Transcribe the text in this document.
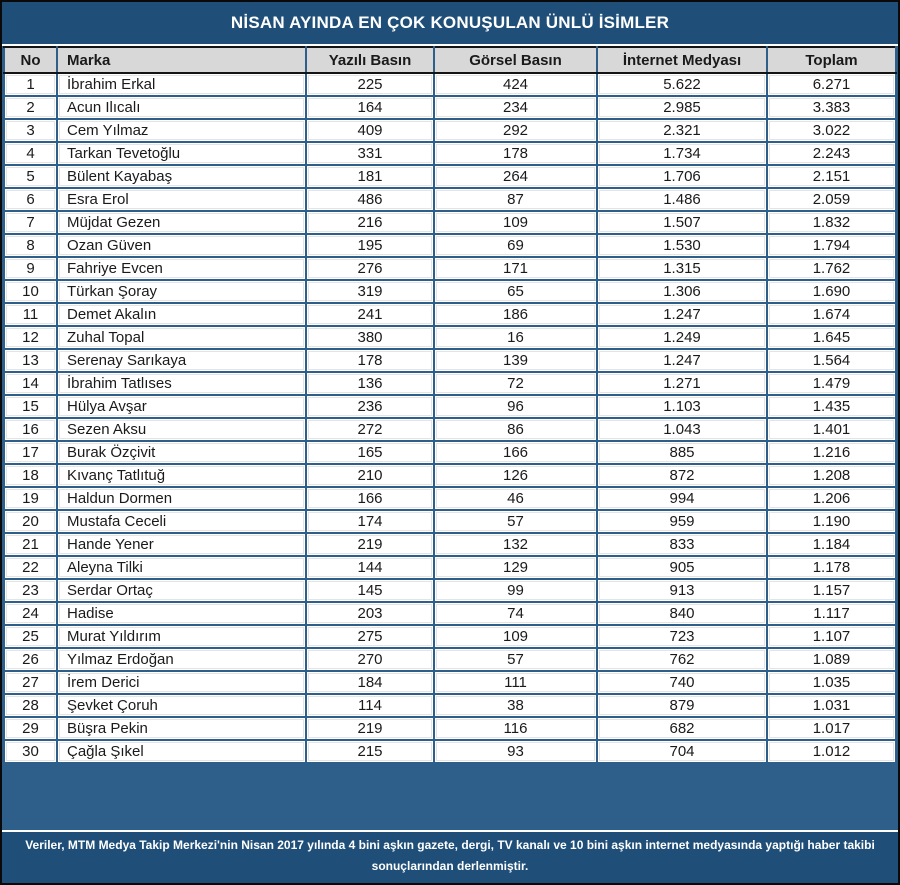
NİSAN AYINDA EN ÇOK KONUŞULAN ÜNLÜ İSİMLER
No	Marka	Yazılı Basın	Görsel Basın	İnternet Medyası	Toplam
1	İbrahim Erkal	225	424	5.622	6.271
2	Acun Ilıcalı	164	234	2.985	3.383
3	Cem Yılmaz	409	292	2.321	3.022
4	Tarkan Tevetoğlu	331	178	1.734	2.243
5	Bülent Kayabaş	181	264	1.706	2.151
6	Esra Erol	486	87	1.486	2.059
7	Müjdat Gezen	216	109	1.507	1.832
8	Ozan Güven	195	69	1.530	1.794
9	Fahriye Evcen	276	171	1.315	1.762
10	Türkan Şoray	319	65	1.306	1.690
11	Demet Akalın	241	186	1.247	1.674
12	Zuhal Topal	380	16	1.249	1.645
13	Serenay Sarıkaya	178	139	1.247	1.564
14	İbrahim Tatlıses	136	72	1.271	1.479
15	Hülya Avşar	236	96	1.103	1.435
16	Sezen Aksu	272	86	1.043	1.401
17	Burak Özçivit	165	166	885	1.216
18	Kıvanç Tatlıtuğ	210	126	872	1.208
19	Haldun Dormen	166	46	994	1.206
20	Mustafa Ceceli	174	57	959	1.190
21	Hande Yener	219	132	833	1.184
22	Aleyna Tilki	144	129	905	1.178
23	Serdar Ortaç	145	99	913	1.157
24	Hadise	203	74	840	1.117
25	Murat Yıldırım	275	109	723	1.107
26	Yılmaz Erdoğan	270	57	762	1.089
27	İrem Derici	184	111	740	1.035
28	Şevket Çoruh	114	38	879	1.031
29	Büşra Pekin	219	116	682	1.017
30	Çağla Şıkel	215	93	704	1.012

Veriler, MTM Medya Takip Merkezi'nin Nisan 2017 yılında 4 bini aşkın gazete, dergi, TV kanalı ve 10 bini aşkın internet medyasında yaptığı haber takibi sonuçlarından derlenmiştir.
